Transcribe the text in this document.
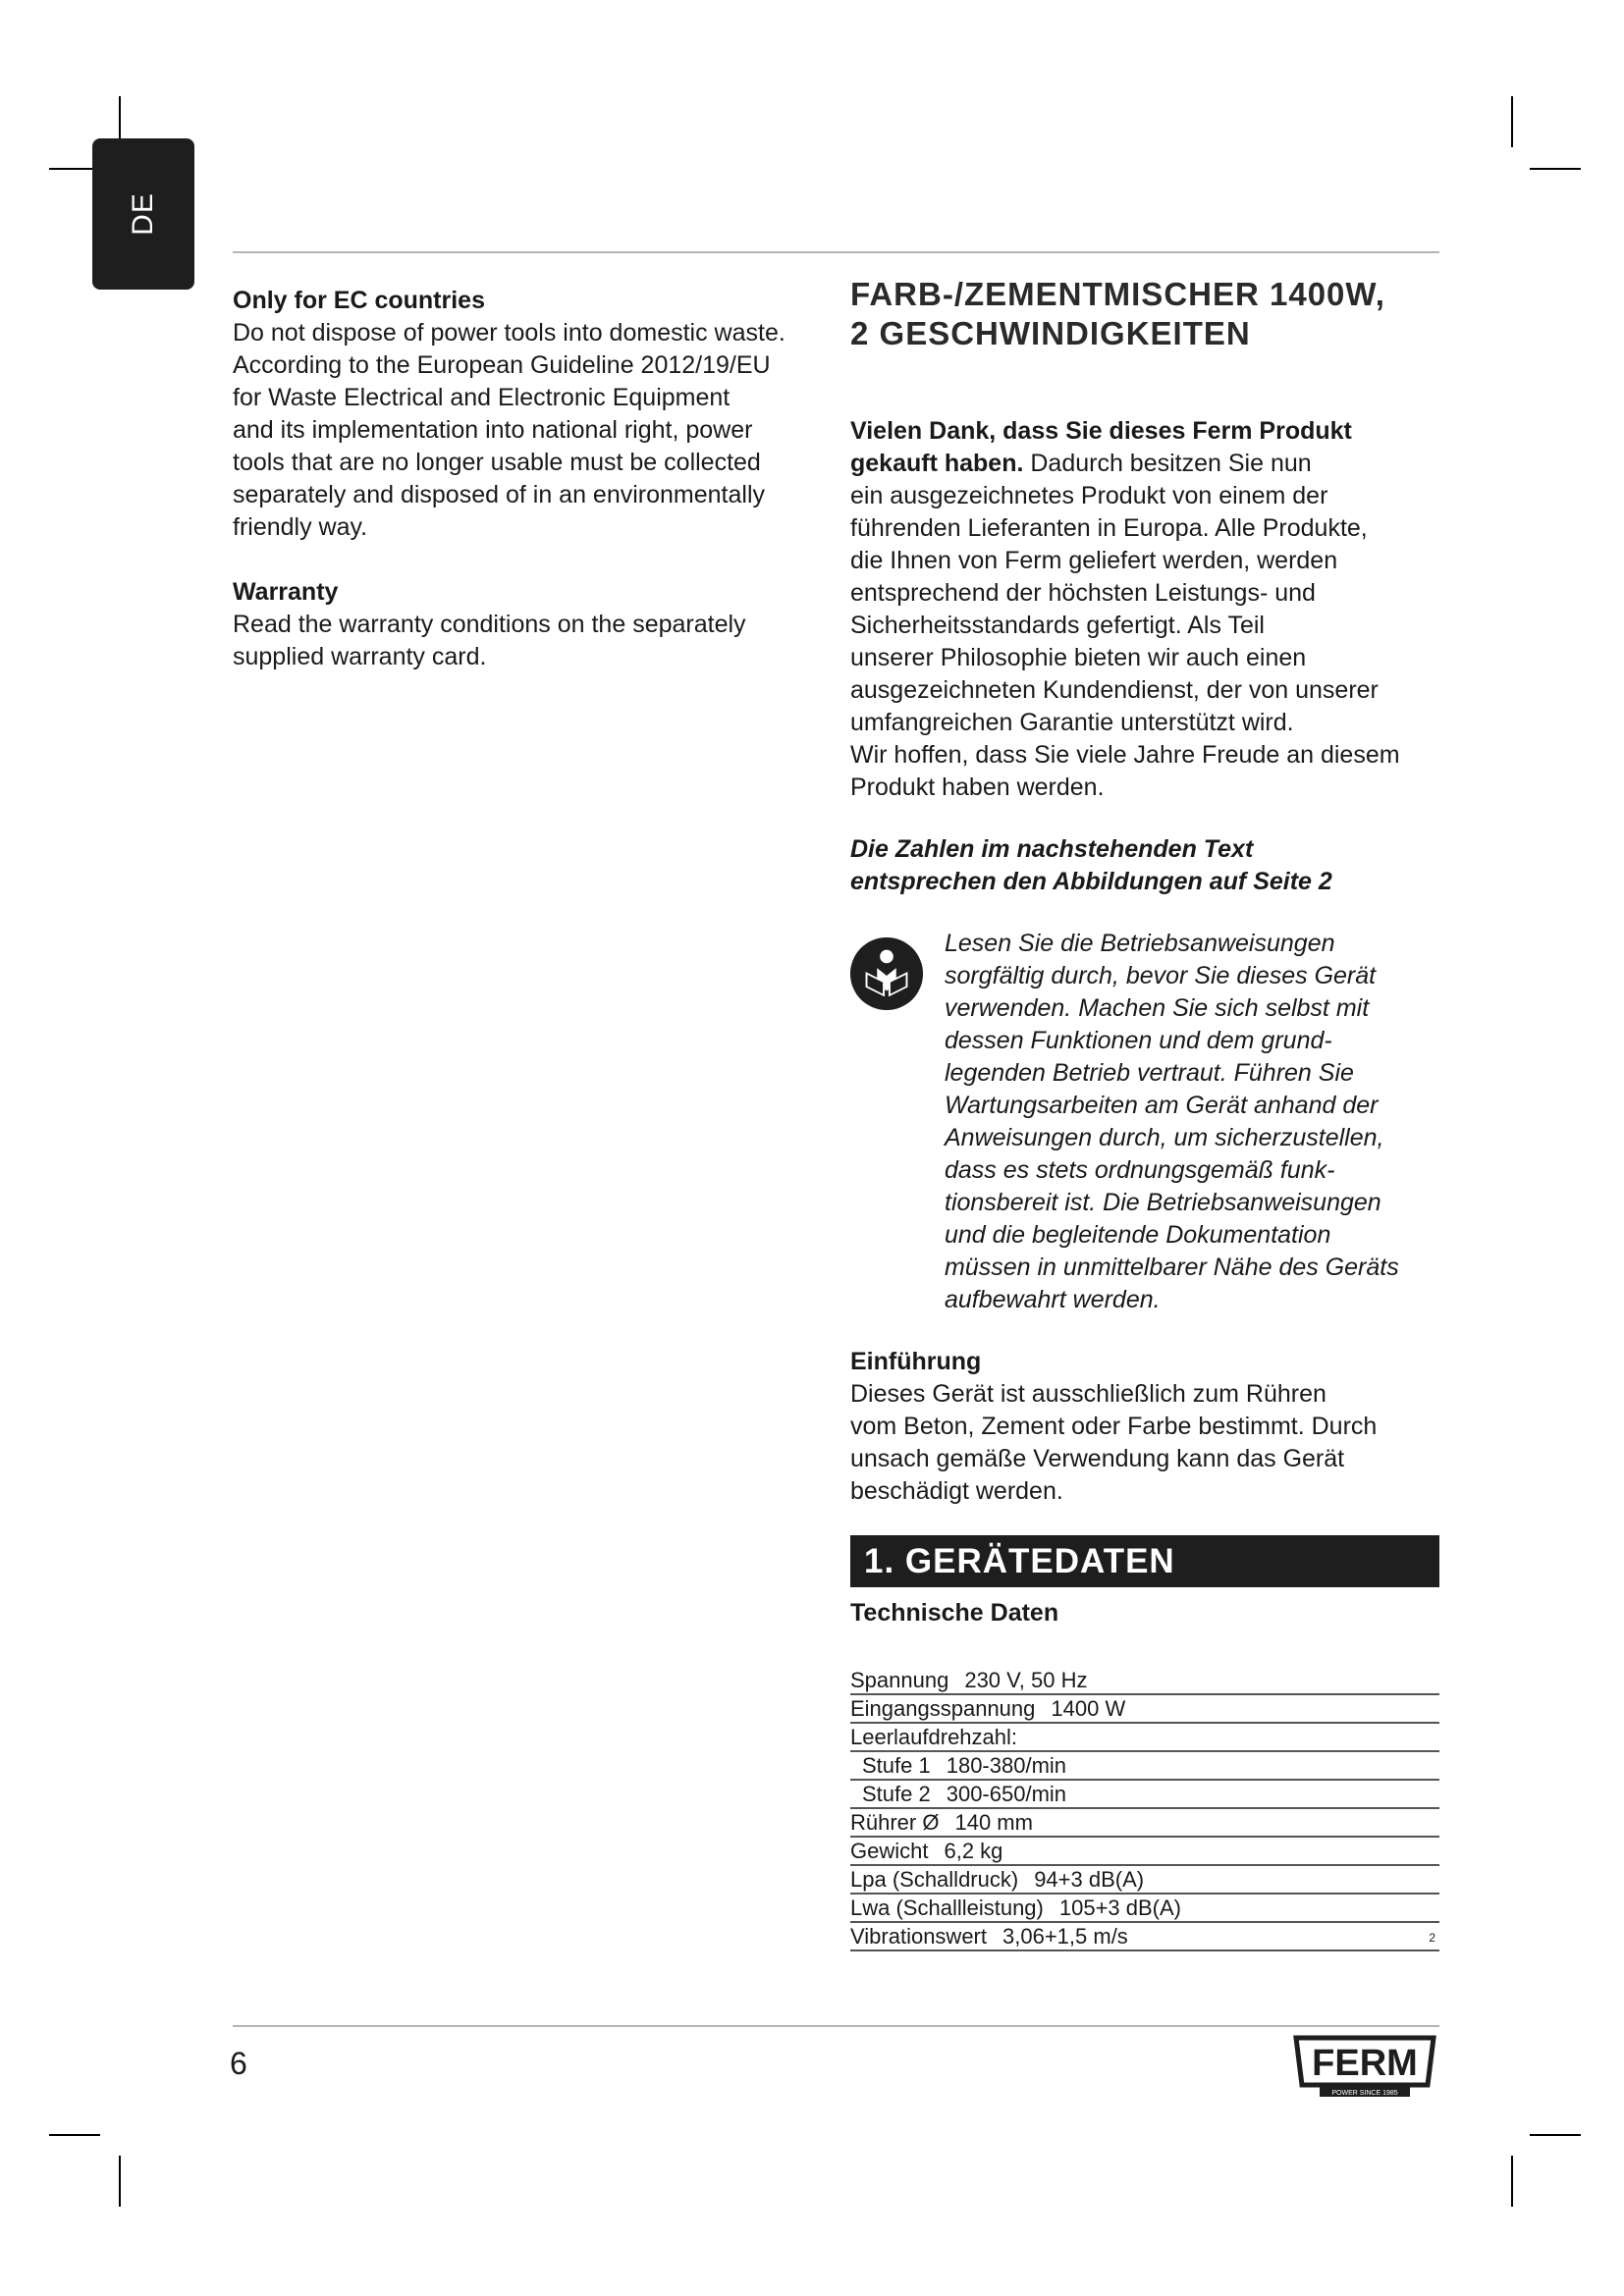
DE

Only for EC countries

Do not dispose of power tools into domestic waste.
According to the European Guideline 2012/19/EU
for Waste Electrical and Electronic Equipment
and its implementation into national right, power
tools that are no longer usable must be collected
separately and disposed of in an environmentally
friendly way.

Warranty

Read the warranty conditions on the separately
supplied warranty card.

FARB-/ZEMENTMISCHER 1400W,
2 GESCHWINDIGKEITEN

Vielen Dank, dass Sie dieses Ferm Produkt
gekauft haben. Dadurch besitzen Sie nun
ein ausgezeichnetes Produkt von einem der
führenden Lieferanten in Europa. Alle Produkte,
die Ihnen von Ferm geliefert werden, werden
entsprechend der höchsten Leistungs- und
Sicherheitsstandards gefertigt. Als Teil
unserer Philosophie bieten wir auch einen
ausgezeichneten Kundendienst, der von unserer
umfangreichen Garantie unterstützt wird.
Wir hoffen, dass Sie viele Jahre Freude an diesem
Produkt haben werden.

Die Zahlen im nachstehenden Text
entsprechen den Abbildungen auf Seite 2

Lesen Sie die Betriebsanweisungen
sorgfältig durch, bevor Sie dieses Gerät
verwenden. Machen Sie sich selbst mit
dessen Funktionen und dem grund-
legenden Betrieb vertraut. Führen Sie
Wartungsarbeiten am Gerät anhand der
Anweisungen durch, um sicherzustellen,
dass es stets ordnungsgemäß funk-
tionsbereit ist. Die Betriebsanweisungen
und die begleitende Dokumentation
müssen in unmittelbarer Nähe des Geräts
aufbewahrt werden.

Einführung

Dieses Gerät ist ausschließlich zum Rühren
vom Beton, Zement oder Farbe bestimmt. Durch
unsach gemäße Verwendung kann das Gerät
beschädigt werden.

1. GERÄTEDATEN

Technische Daten

Spannung 230 V, 50 Hz
Eingangsspannung 1400 W
Leerlaufdrehzahl:
Stufe 1 180-380/min
Stufe 2 300-650/min
Rührer Ø 140 mm
Gewicht 6,2 kg
Lpa (Schalldruck) 94+3 dB(A)
Lwa (Schallleistung) 105+3 dB(A)
Vibrationswert 3,06+1,5 m/s	2
6	FERM
POWER SINCE 1985
